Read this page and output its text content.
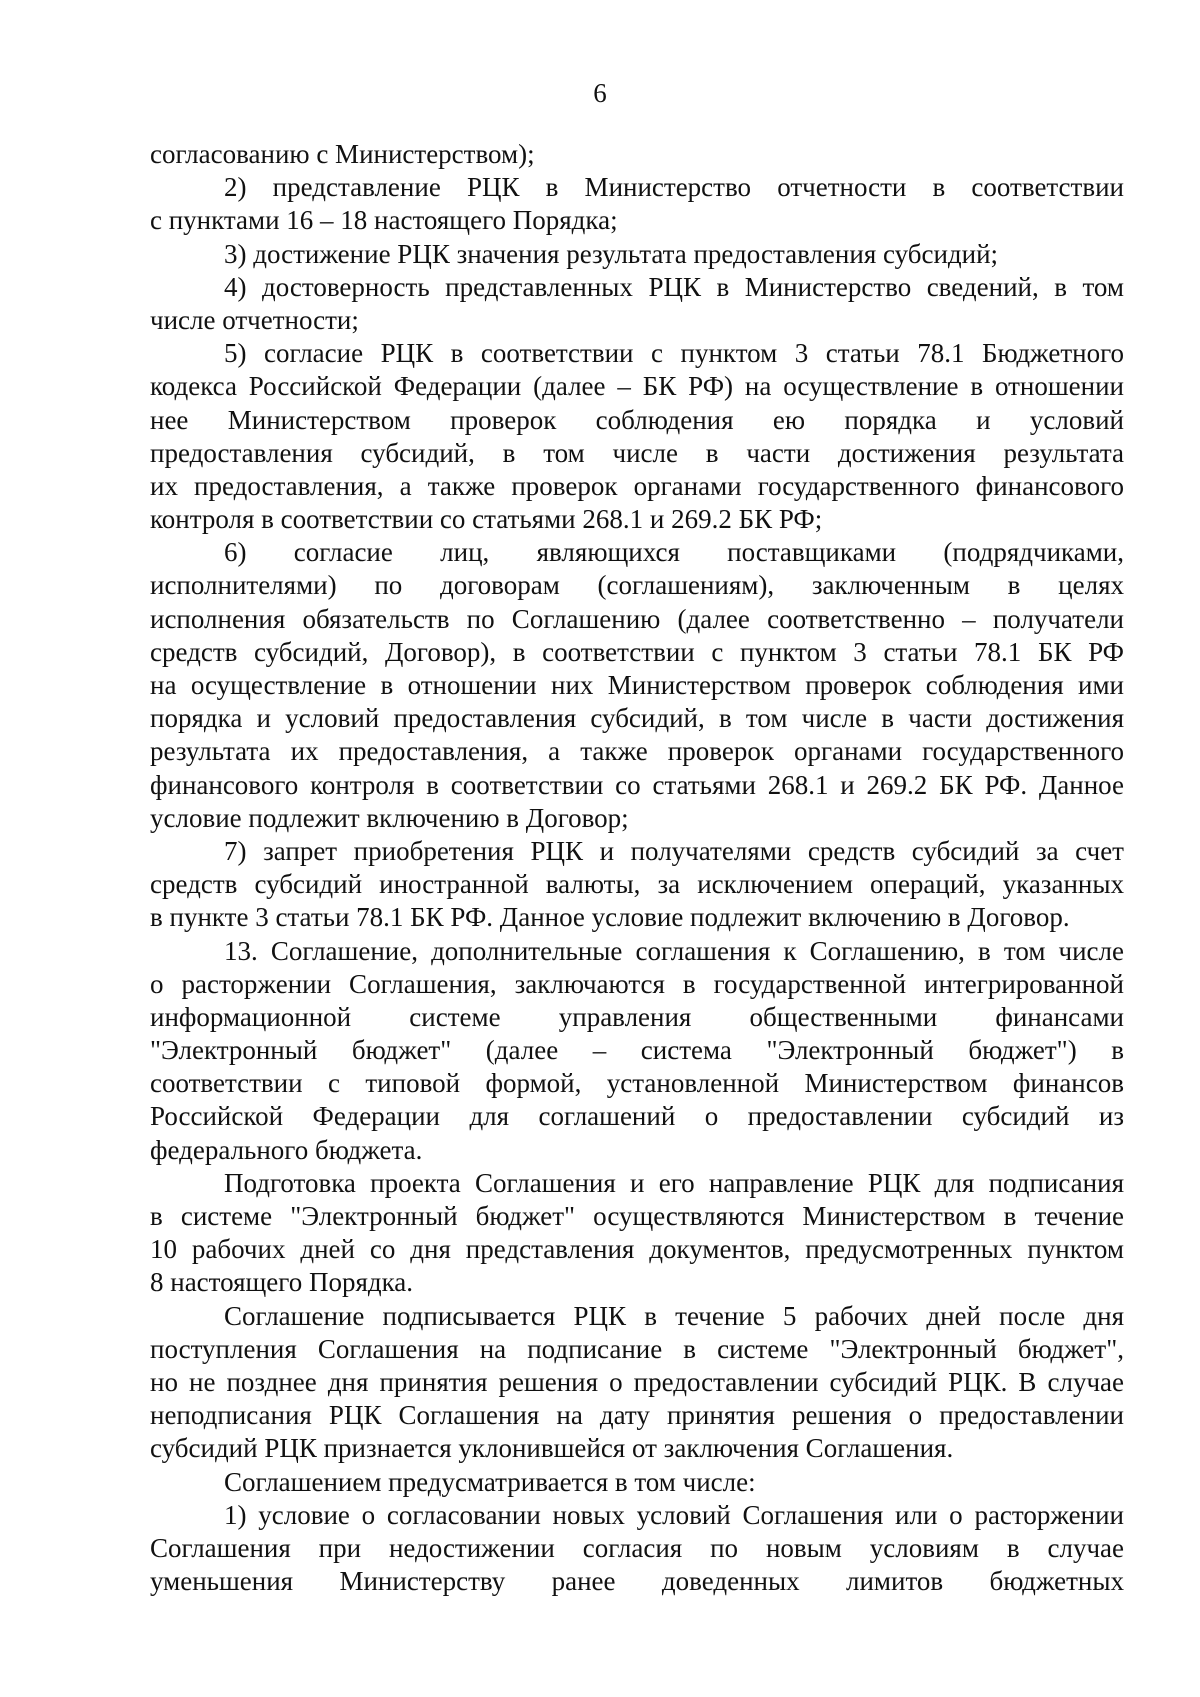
6
согласованию с Министерством);
2) представление РЦК в Министерство отчетности в соответствии
с пунктами 16 – 18 настоящего Порядка;
3) достижение РЦК значения результата предоставления субсидий;
4) достоверность представленных РЦК в Министерство сведений, в том
числе отчетности;
5) согласие РЦК в соответствии с пунктом 3 статьи 78.1 Бюджетного
кодекса Российской Федерации (далее – БК РФ) на осуществление в отношении
нее Министерством проверок соблюдения ею порядка и условий
предоставления субсидий, в том числе в части достижения результата
их предоставления, а также проверок органами государственного финансового
контроля в соответствии со статьями 268.1 и 269.2 БК РФ;
6) согласие лиц, являющихся поставщиками (подрядчиками,
исполнителями) по договорам (соглашениям), заключенным в целях
исполнения обязательств по Соглашению (далее соответственно – получатели
средств субсидий, Договор), в соответствии с пунктом 3 статьи 78.1 БК РФ
на осуществление в отношении них Министерством проверок соблюдения ими
порядка и условий предоставления субсидий, в том числе в части достижения
результата их предоставления, а также проверок органами государственного
финансового контроля в соответствии со статьями 268.1 и 269.2 БК РФ. Данное
условие подлежит включению в Договор;
7) запрет приобретения РЦК и получателями средств субсидий за счет
средств субсидий иностранной валюты, за исключением операций, указанных
в пункте 3 статьи 78.1 БК РФ. Данное условие подлежит включению в Договор.
13. Соглашение, дополнительные соглашения к Соглашению, в том числе
о расторжении Соглашения, заключаются в государственной интегрированной
информационной системе управления общественными финансами
"Электронный бюджет" (далее – система "Электронный бюджет") в
соответствии с типовой формой, установленной Министерством финансов
Российской Федерации для соглашений о предоставлении субсидий из
федерального бюджета.
Подготовка проекта Соглашения и его направление РЦК для подписания
в системе "Электронный бюджет" осуществляются Министерством в течение
10 рабочих дней со дня представления документов, предусмотренных пунктом
8 настоящего Порядка.
Соглашение подписывается РЦК в течение 5 рабочих дней после дня
поступления Соглашения на подписание в системе "Электронный бюджет",
но не позднее дня принятия решения о предоставлении субсидий РЦК. В случае
неподписания РЦК Соглашения на дату принятия решения о предоставлении
субсидий РЦК признается уклонившейся от заключения Соглашения.
Соглашением предусматривается в том числе:
1) условие о согласовании новых условий Соглашения или о расторжении
Соглашения при недостижении согласия по новым условиям в случае
уменьшения Министерству ранее доведенных лимитов бюджетных
